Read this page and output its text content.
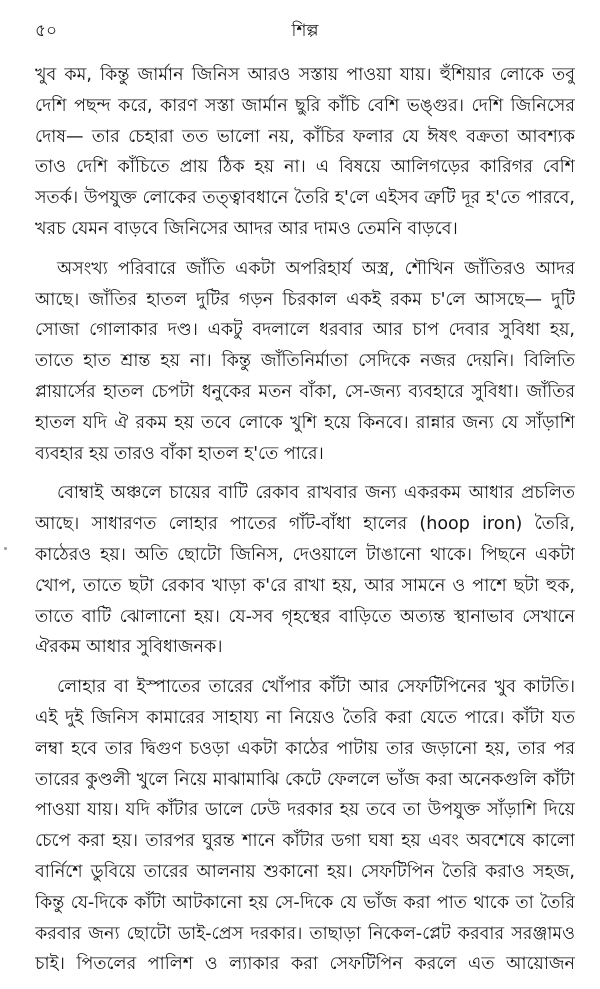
৫০	শিল্প
খুব কম, কিন্তু জার্মান জিনিস আরও সস্তায় পাওয়া যায়। হুঁশিয়ার লোকে তবু
দেশি পছন্দ করে, কারণ সস্তা জার্মান ছুরি কাঁচি বেশি ভঙ্গুর। দেশি জিনিসের
দোষ— তার চেহারা তত ভালো নয়, কাঁচির ফলার যে ঈষৎ বক্রতা আবশ্যক
তাও দেশি কাঁচিতে প্রায় ঠিক হয় না। এ বিষয়ে আলিগড়ের কারিগর বেশি
সতর্ক। উপযুক্ত লোকের তত্ত্বাবধানে তৈরি হ'লে এইসব ত্রুটি দূর হ'তে পারবে,
খরচ যেমন বাড়বে জিনিসের আদর আর দামও তেমনি বাড়বে।
অসংখ্য পরিবারে জাঁতি একটা অপরিহার্য অস্ত্র, শৌখিন জাঁতিরও আদর
আছে। জাঁতির হাতল দুটির গড়ন চিরকাল একই রকম চ'লে আসছে— দুটি
সোজা গোলাকার দণ্ড। একটু বদলালে ধরবার আর চাপ দেবার সুবিধা হয়,
তাতে হাত শ্রান্ত হয় না। কিন্তু জাঁতিনির্মাতা সেদিকে নজর দেয়নি। বিলিতি
প্লায়ার্সের হাতল চেপটা ধনুকের মতন বাঁকা, সে-জন্য ব্যবহারে সুবিধা। জাঁতির
হাতল যদি ঐ রকম হয় তবে লোকে খুশি হয়ে কিনবে। রান্নার জন্য যে সাঁড়াশি
ব্যবহার হয় তারও বাঁকা হাতল হ'তে পারে।
বোম্বাই অঞ্চলে চায়ের বাটি রেকাব রাখবার জন্য একরকম আধার প্রচলিত
আছে। সাধারণত লোহার পাতের গাঁট-বাঁধা হালের (hoop iron) তৈরি,
কাঠেরও হয়। অতি ছোটো জিনিস, দেওয়ালে টাঙানো থাকে। পিছনে একটা
খোপ, তাতে ছটা রেকাব খাড়া ক'রে রাখা হয়, আর সামনে ও পাশে ছটা হুক,
তাতে বাটি ঝোলানো হয়। যে-সব গৃহস্থের বাড়িতে অত্যন্ত স্থানাভাব সেখানে
ঐরকম আধার সুবিধাজনক।
লোহার বা ইস্পাতের তারের খোঁপার কাঁটা আর সেফটিপিনের খুব কাটতি।
এই দুই জিনিস কামারের সাহায্য না নিয়েও তৈরি করা যেতে পারে। কাঁটা যত
লম্বা হবে তার দ্বিগুণ চওড়া একটা কাঠের পাটায় তার জড়ানো হয়, তার পর
তারের কুণ্ডলী খুলে নিয়ে মাঝামাঝি কেটে ফেললে ভাঁজ করা অনেকগুলি কাঁটা
পাওয়া যায়। যদি কাঁটার ডালে ঢেউ দরকার হয় তবে তা উপযুক্ত সাঁড়াশি দিয়ে
চেপে করা হয়। তারপর ঘুরন্ত শানে কাঁটার ডগা ঘষা হয় এবং অবশেষে কালো
বার্নিশে ডুবিয়ে তারের আলনায় শুকানো হয়। সেফটিপিন তৈরি করাও সহজ,
কিন্তু যে-দিকে কাঁটা আটকানো হয় সে-দিকে যে ভাঁজ করা পাত থাকে তা তৈরি
করবার জন্য ছোটো ডাই-প্রেস দরকার। তাছাড়া নিকেল-প্লেট করবার সরঞ্জামও
চাই। পিতলের পালিশ ও ল্যাকার করা সেফটিপিন করলে এত আয়োজন
